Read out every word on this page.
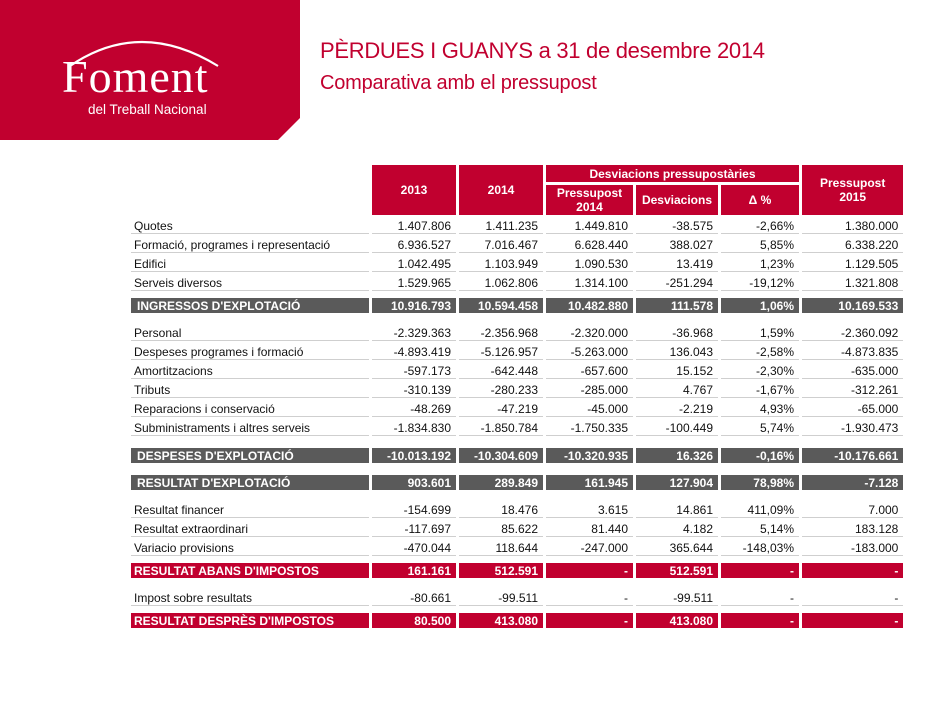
Foment
del Treball Nacional
PÈRDUES I GUANYS a 31 de desembre 2014
Comparativa amb el pressupost
	2013	2014	Desviacions pressupostàries			Pressupost 2015
			Pressupost 2014	Desviacions	Δ %	
Quotes	1.407.806	1.411.235	1.449.810	-38.575	-2,66%	1.380.000
Formació, programes i representació	6.936.527	7.016.467	6.628.440	388.027	5,85%	6.338.220
Edifici	1.042.495	1.103.949	1.090.530	13.419	1,23%	1.129.505
Serveis diversos	1.529.965	1.062.806	1.314.100	-251.294	-19,12%	1.321.808

INGRESSOS D'EXPLOTACIÓ	10.916.793	10.594.458	10.482.880	111.578	1,06%	10.169.533

Personal	-2.329.363	-2.356.968	-2.320.000	-36.968	1,59%	-2.360.092
Despeses programes i formació	-4.893.419	-5.126.957	-5.263.000	136.043	-2,58%	-4.873.835
Amortitzacions	-597.173	-642.448	-657.600	15.152	-2,30%	-635.000
Tributs	-310.139	-280.233	-285.000	4.767	-1,67%	-312.261
Reparacions i conservació	-48.269	-47.219	-45.000	-2.219	4,93%	-65.000
Subministraments i altres serveis	-1.834.830	-1.850.784	-1.750.335	-100.449	5,74%	-1.930.473

DESPESES D'EXPLOTACIÓ	-10.013.192	-10.304.609	-10.320.935	16.326	-0,16%	-10.176.661

RESULTAT D'EXPLOTACIÓ	903.601	289.849	161.945	127.904	78,98%	-7.128

Resultat financer	-154.699	18.476	3.615	14.861	411,09%	7.000
Resultat extraordinari	-117.697	85.622	81.440	4.182	5,14%	183.128
Variacio provisions	-470.044	118.644	-247.000	365.644	-148,03%	-183.000

RESULTAT ABANS D'IMPOSTOS	161.161	512.591	-	512.591	-	-

Impost sobre resultats	-80.661	-99.511	-	-99.511	-	-

RESULTAT DESPRÈS D'IMPOSTOS	80.500	413.080	-	413.080	-	-
